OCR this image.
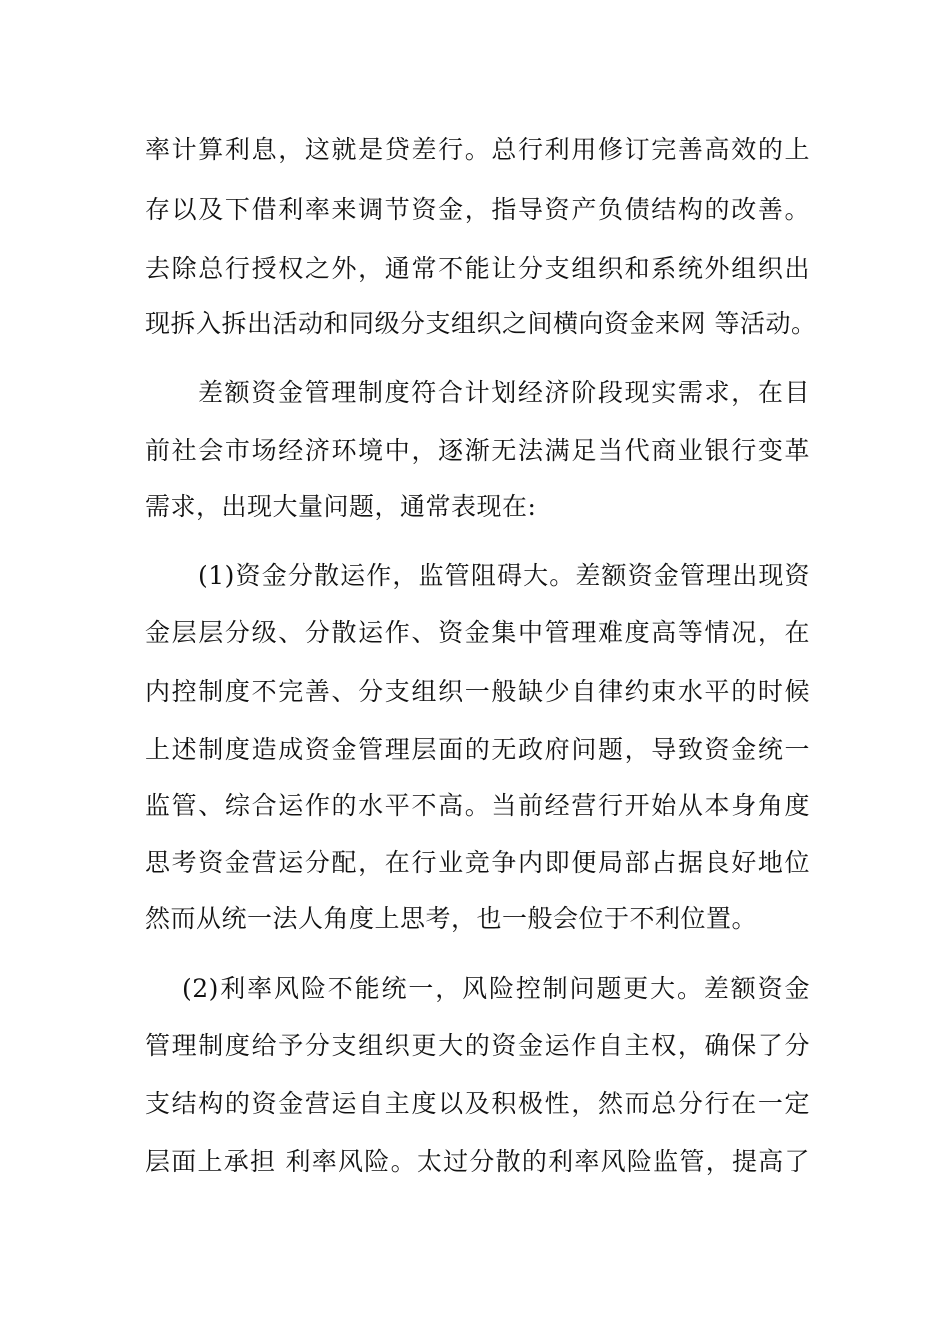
率计算利息，这就是贷差行。总行利用修订完善高效的上
存以及下借利率来调节资金，指导资产负债结构的改善。
去除总行授权之外，通常不能让分支组织和系统外组织出
现拆入拆出活动和同级分支组织之间横向资金来网 等活动。
差额资金管理制度符合计划经济阶段现实需求，在目
前社会市场经济环境中，逐渐无法满足当代商业银行变革
需求，出现大量问题，通常表现在:
(1)资金分散运作，监管阻碍大。差额资金管理出现资
金层层分级、分散运作、资金集中管理难度高等情况，在
内控制度不完善、分支组织一般缺少自律约束水平的时候
上述制度造成资金管理层面的无政府问题，导致资金统一
监管、综合运作的水平不高。当前经营行开始从本身角度
思考资金营运分配，在行业竞争内即便局部占据良好地位
然而从统一法人角度上思考，也一般会位于不利位置。
(2)利率风险不能统一，风险控制问题更大。差额资金
管理制度给予分支组织更大的资金运作自主权，确保了分
支结构的资金营运自主度以及积极性，然而总分行在一定
层面上承担 利率风险。太过分散的利率风险监管，提高了
